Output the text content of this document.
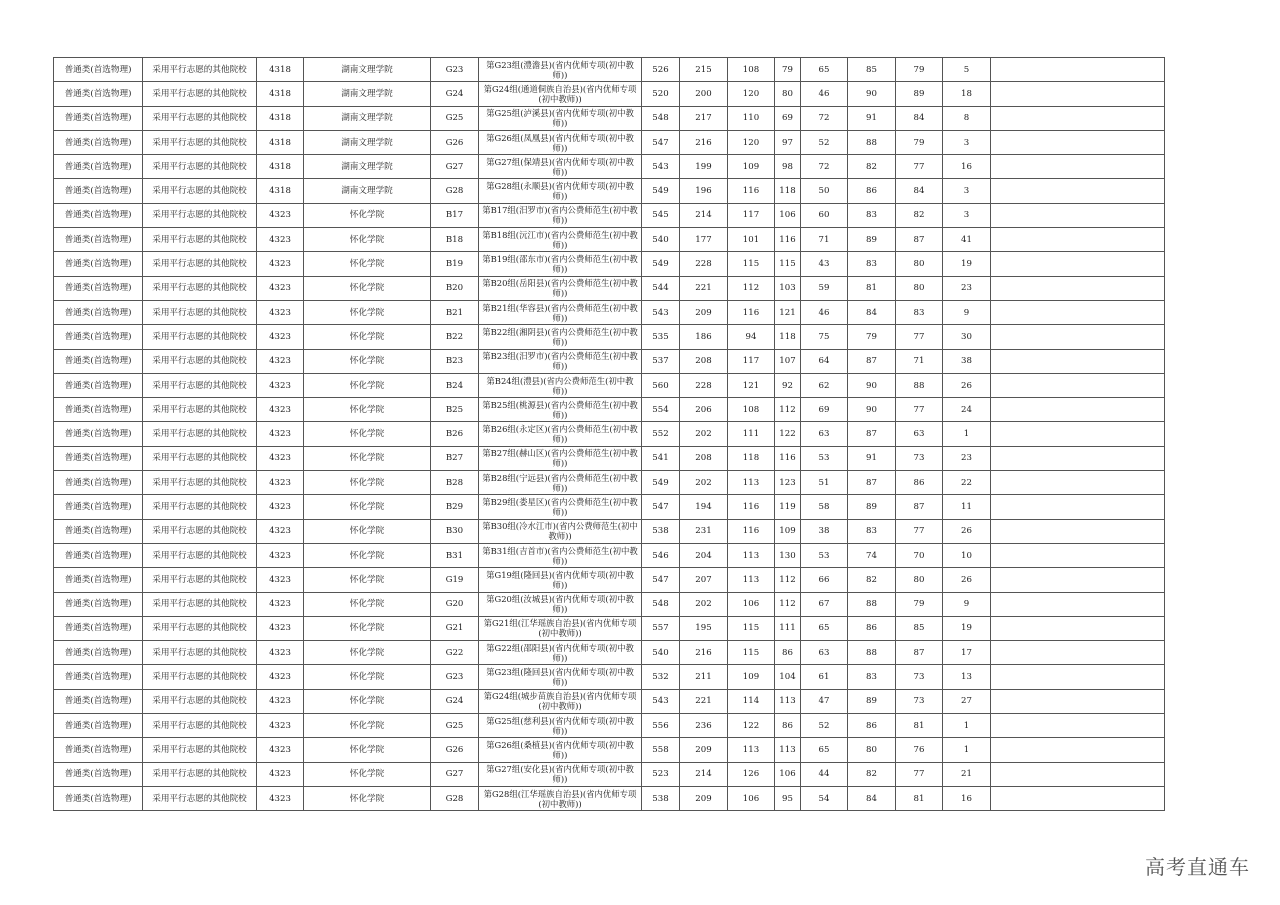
普通类(首选物理)	采用平行志愿的其他院校	4318	湖南文理学院	G23	第G23组(澧澹县)(省内优师专项(初中教师))	526	215	108	79	65	85	79	5	
普通类(首选物理)	采用平行志愿的其他院校	4318	湖南文理学院	G24	第G24组(通道侗族自治县)(省内优师专项(初中教师))	520	200	120	80	46	90	89	18	
普通类(首选物理)	采用平行志愿的其他院校	4318	湖南文理学院	G25	第G25组(泸溪县)(省内优师专项(初中教师))	548	217	110	69	72	91	84	8	
普通类(首选物理)	采用平行志愿的其他院校	4318	湖南文理学院	G26	第G26组(凤凰县)(省内优师专项(初中教师))	547	216	120	97	52	88	79	3	
普通类(首选物理)	采用平行志愿的其他院校	4318	湖南文理学院	G27	第G27组(保靖县)(省内优师专项(初中教师))	543	199	109	98	72	82	77	16	
普通类(首选物理)	采用平行志愿的其他院校	4318	湖南文理学院	G28	第G28组(永顺县)(省内优师专项(初中教师))	549	196	116	118	50	86	84	3	
普通类(首选物理)	采用平行志愿的其他院校	4323	怀化学院	B17	第B17组(汨罗市)(省内公费师范生(初中教师))	545	214	117	106	60	83	82	3	
普通类(首选物理)	采用平行志愿的其他院校	4323	怀化学院	B18	第B18组(沅江市)(省内公费师范生(初中教师))	540	177	101	116	71	89	87	41	
普通类(首选物理)	采用平行志愿的其他院校	4323	怀化学院	B19	第B19组(邵东市)(省内公费师范生(初中教师))	549	228	115	115	43	83	80	19	
普通类(首选物理)	采用平行志愿的其他院校	4323	怀化学院	B20	第B20组(岳阳县)(省内公费师范生(初中教师))	544	221	112	103	59	81	80	23	
普通类(首选物理)	采用平行志愿的其他院校	4323	怀化学院	B21	第B21组(华容县)(省内公费师范生(初中教师))	543	209	116	121	46	84	83	9	
普通类(首选物理)	采用平行志愿的其他院校	4323	怀化学院	B22	第B22组(湘阴县)(省内公费师范生(初中教师))	535	186	94	118	75	79	77	30	
普通类(首选物理)	采用平行志愿的其他院校	4323	怀化学院	B23	第B23组(汨罗市)(省内公费师范生(初中教师))	537	208	117	107	64	87	71	38	
普通类(首选物理)	采用平行志愿的其他院校	4323	怀化学院	B24	第B24组(澧县)(省内公费师范生(初中教师))	560	228	121	92	62	90	88	26	
普通类(首选物理)	采用平行志愿的其他院校	4323	怀化学院	B25	第B25组(桃源县)(省内公费师范生(初中教师))	554	206	108	112	69	90	77	24	
普通类(首选物理)	采用平行志愿的其他院校	4323	怀化学院	B26	第B26组(永定区)(省内公费师范生(初中教师))	552	202	111	122	63	87	63	1	
普通类(首选物理)	采用平行志愿的其他院校	4323	怀化学院	B27	第B27组(赫山区)(省内公费师范生(初中教师))	541	208	118	116	53	91	73	23	
普通类(首选物理)	采用平行志愿的其他院校	4323	怀化学院	B28	第B28组(宁远县)(省内公费师范生(初中教师))	549	202	113	123	51	87	86	22	
普通类(首选物理)	采用平行志愿的其他院校	4323	怀化学院	B29	第B29组(娄星区)(省内公费师范生(初中教师))	547	194	116	119	58	89	87	11	
普通类(首选物理)	采用平行志愿的其他院校	4323	怀化学院	B30	第B30组(冷水江市)(省内公费师范生(初中教师))	538	231	116	109	38	83	77	26	
普通类(首选物理)	采用平行志愿的其他院校	4323	怀化学院	B31	第B31组(吉首市)(省内公费师范生(初中教师))	546	204	113	130	53	74	70	10	
普通类(首选物理)	采用平行志愿的其他院校	4323	怀化学院	G19	第G19组(隆回县)(省内优师专项(初中教师))	547	207	113	112	66	82	80	26	
普通类(首选物理)	采用平行志愿的其他院校	4323	怀化学院	G20	第G20组(汝城县)(省内优师专项(初中教师))	548	202	106	112	67	88	79	9	
普通类(首选物理)	采用平行志愿的其他院校	4323	怀化学院	G21	第G21组(江华瑶族自治县)(省内优师专项(初中教师))	557	195	115	111	65	86	85	19	
普通类(首选物理)	采用平行志愿的其他院校	4323	怀化学院	G22	第G22组(邵阳县)(省内优师专项(初中教师))	540	216	115	86	63	88	87	17	
普通类(首选物理)	采用平行志愿的其他院校	4323	怀化学院	G23	第G23组(隆回县)(省内优师专项(初中教师))	532	211	109	104	61	83	73	13	
普通类(首选物理)	采用平行志愿的其他院校	4323	怀化学院	G24	第G24组(城步苗族自治县)(省内优师专项(初中教师))	543	221	114	113	47	89	73	27	
普通类(首选物理)	采用平行志愿的其他院校	4323	怀化学院	G25	第G25组(慈利县)(省内优师专项(初中教师))	556	236	122	86	52	86	81	1	
普通类(首选物理)	采用平行志愿的其他院校	4323	怀化学院	G26	第G26组(桑植县)(省内优师专项(初中教师))	558	209	113	113	65	80	76	1	
普通类(首选物理)	采用平行志愿的其他院校	4323	怀化学院	G27	第G27组(安化县)(省内优师专项(初中教师))	523	214	126	106	44	82	77	21	
普通类(首选物理)	采用平行志愿的其他院校	4323	怀化学院	G28	第G28组(江华瑶族自治县)(省内优师专项(初中教师))	538	209	106	95	54	84	81	16	
高考直通车
